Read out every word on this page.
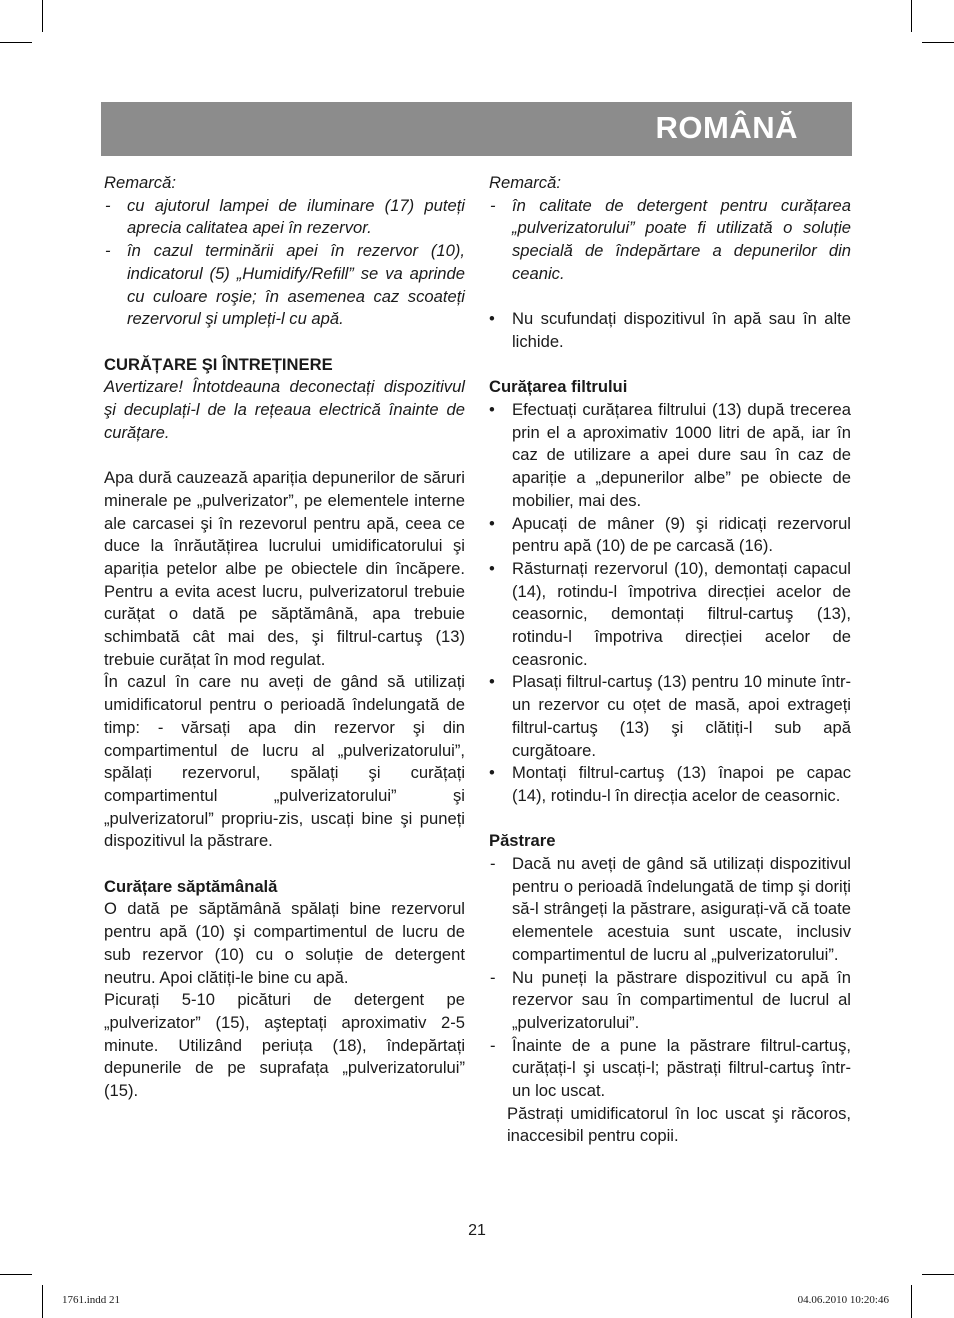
ROMÂNĂ

Remarcă:

- cu ajutorul lampei de iluminare (17) puteți aprecia calitatea apei în rezervor.
- în cazul terminării apei în rezervor (10), indicatorul (5) „Humidify/Refill” se va aprinde cu culoare roşie; în asemenea caz scoateți rezervorul şi umpleți-l cu apă.

CURĂȚARE ŞI ÎNTREȚINERE

Avertizare! Întotdeauna deconectați dispozitivul şi decuplați-l de la rețeaua electrică înainte de curățare.

Apa dură cauzează apariția depunerilor de săruri minerale pe „pulverizator”, pe elementele interne ale carcasei şi în rezevorul pentru apă, ceea ce duce la înrăutățirea lucrului umidificatorului şi apariția petelor albe pe obiectele din încăpere. Pentru a evita acest lucru, pulverizatorul trebuie curățat o dată pe săptămână, apa trebuie schimbată cât mai des, şi filtrul-cartuş (13) trebuie curățat în mod regulat.

În cazul în care nu aveți de gând să utilizați umidificatorul pentru o perioadă îndelungată de timp: - vărsați apa din rezervor şi din compartimentul de lucru al „pulverizatorului”, spălați rezervorul, spălați şi curățați compartimentul „pulverizatorului” şi „pulverizatorul” propriu-zis, uscați bine şi puneți dispozitivul la păstrare.

Curățare săptămânală

O dată pe săptămână spălați bine rezervorul pentru apă (10) şi compartimentul de lucru de sub rezervor (10) cu o soluție de detergent neutru. Apoi clătiți-le bine cu apă.

Picurați 5-10 picături de detergent pe „pulverizator” (15), aşteptați aproximativ 2-5 minute. Utilizând periuța (18), îndepărtați depunerile de pe suprafața „pulverizatorului” (15).

Remarcă:

- în calitate de detergent pentru curățarea „pulverizatorului” poate fi utilizată o soluție specială de îndepărtare a depunerilor din ceanic.
• Nu scufundați dispozitivul în apă sau în alte lichide.

Curățarea filtrului

• Efectuați curățarea filtrului (13) după trecerea prin el a aproximativ 1000 litri de apă, iar în caz de utilizare a apei dure sau în caz de apariție a „depunerilor albe” pe obiecte de mobilier, mai des.
• Apucați de mâner (9) şi ridicați rezervorul pentru apă (10) de pe carcasă (16).
• Răsturnați rezervorul (10), demontați capacul (14), rotindu-l împotriva direcției acelor de ceasornic, demontați filtrul-cartuş (13), rotindu-l împotriva direcției acelor de ceasronic.
• Plasați filtrul-cartuş (13) pentru 10 minute într-un rezervor cu oțet de masă, apoi extrageți filtrul-cartuş (13) şi clătiți-l sub apă curgătoare.
• Montați filtrul-cartuş (13) înapoi pe capac (14), rotindu-l în direcția acelor de ceasornic.

Păstrare

- Dacă nu aveți de gând să utilizați dispozitivul pentru o perioadă îndelungată de timp şi doriți să-l strângeți la păstrare, asigurați-vă că toate elementele acestuia sunt uscate, inclusiv compartimentul de lucru al „pulverizatorului”.
- Nu puneți la păstrare dispozitivul cu apă în rezervor sau în compartimentul de lucrul al „pulverizatorului”.
- Înainte de a pune la păstrare filtrul-cartuş, curățați-l şi uscați-l; păstrați filtrul-cartuş într-un loc uscat.

Păstrați umidificatorul în loc uscat şi răcoros, inaccesibil pentru copii.

21
1761.indd 21	04.06.2010 10:20:46
